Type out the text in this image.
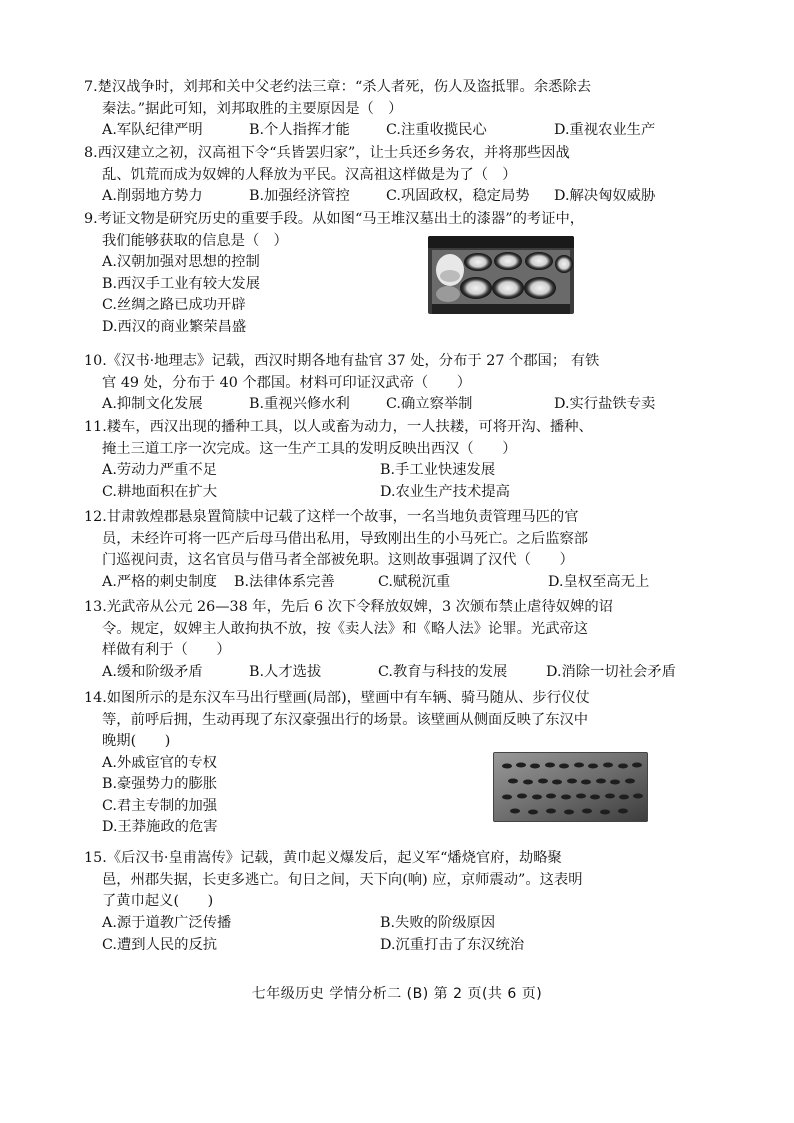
7.楚汉战争时，刘邦和关中父老约法三章：“杀人者死，伤人及盗抵罪。余悉除去
秦法。”据此可知，刘邦取胜的主要原因是（　）
A.军队纪律严明	B.个人指挥才能	C.注重收揽民心	D.重视农业生产
8.西汉建立之初，汉高祖下令“兵皆罢归家”，让士兵还乡务农，并将那些因战
乱、饥荒而成为奴婢的人释放为平民。汉高祖这样做是为了（　）
A.削弱地方势力	B.加强经济管控	C.巩固政权，稳定局势 D.解决匈奴威胁
9.考证文物是研究历史的重要手段。从如图“马王堆汉墓出土的漆器”的考证中，
我们能够获取的信息是（　）
A.汉朝加强对思想的控制
B.西汉手工业有较大发展
C.丝绸之路已成功开辟
D.西汉的商业繁荣昌盛
10.《汉书·地理志》记载，西汉时期各地有盐官 37 处，分布于 27 个郡国； 有铁
官 49 处，分布于 40 个郡国。材料可印证汉武帝（　　）
A.抑制文化发展	B.重视兴修水利	C.确立察举制	D.实行盐铁专卖
11.耧车，西汉出现的播种工具，以人或畜为动力，一人扶耧，可将开沟、播种、
掩土三道工序一次完成。这一生产工具的发明反映出西汉（　　）
A.劳动力严重不足	B.手工业快速发展
C.耕地面积在扩大	D.农业生产技术提高
12.甘肃敦煌郡悬泉置简牍中记载了这样一个故事，一名当地负责管理马匹的官
员，未经许可将一匹产后母马借出私用，导致刚出生的小马死亡。之后监察部
门巡视问责，这名官员与借马者全部被免职。这则故事强调了汉代（　　）
A.严格的刺史制度 B.法律体系完善	C.赋税沉重	D.皇权至高无上
13.光武帝从公元 26—38 年，先后 6 次下令释放奴婢，3 次颁布禁止虐待奴婢的诏
令。规定，奴婢主人敢拘执不放，按《卖人法》和《略人法》论罪。光武帝这
样做有利于（　　）
A.缓和阶级矛盾	B.人才选拔	C.教育与科技的发展	D.消除一切社会矛盾
14.如图所示的是东汉车马出行壁画(局部)，壁画中有车辆、骑马随从、步行仪仗
等，前呼后拥，生动再现了东汉豪强出行的场景。该壁画从侧面反映了东汉中
晚期(　　)
A.外戚宦官的专权
B.豪强势力的膨胀
C.君主专制的加强
D.王莽施政的危害
15.《后汉书·皇甫嵩传》记载，黄巾起义爆发后，起义军“燔烧官府，劫略聚
邑，州郡失据，长吏多逃亡。旬日之间，天下向(响) 应，京师震动”。这表明
了黄巾起义(　　)
A.源于道教广泛传播	B.失败的阶级原因
C.遭到人民的反抗	D.沉重打击了东汉统治
七年级历史 学情分析二 (B) 第 2 页(共 6 页)
